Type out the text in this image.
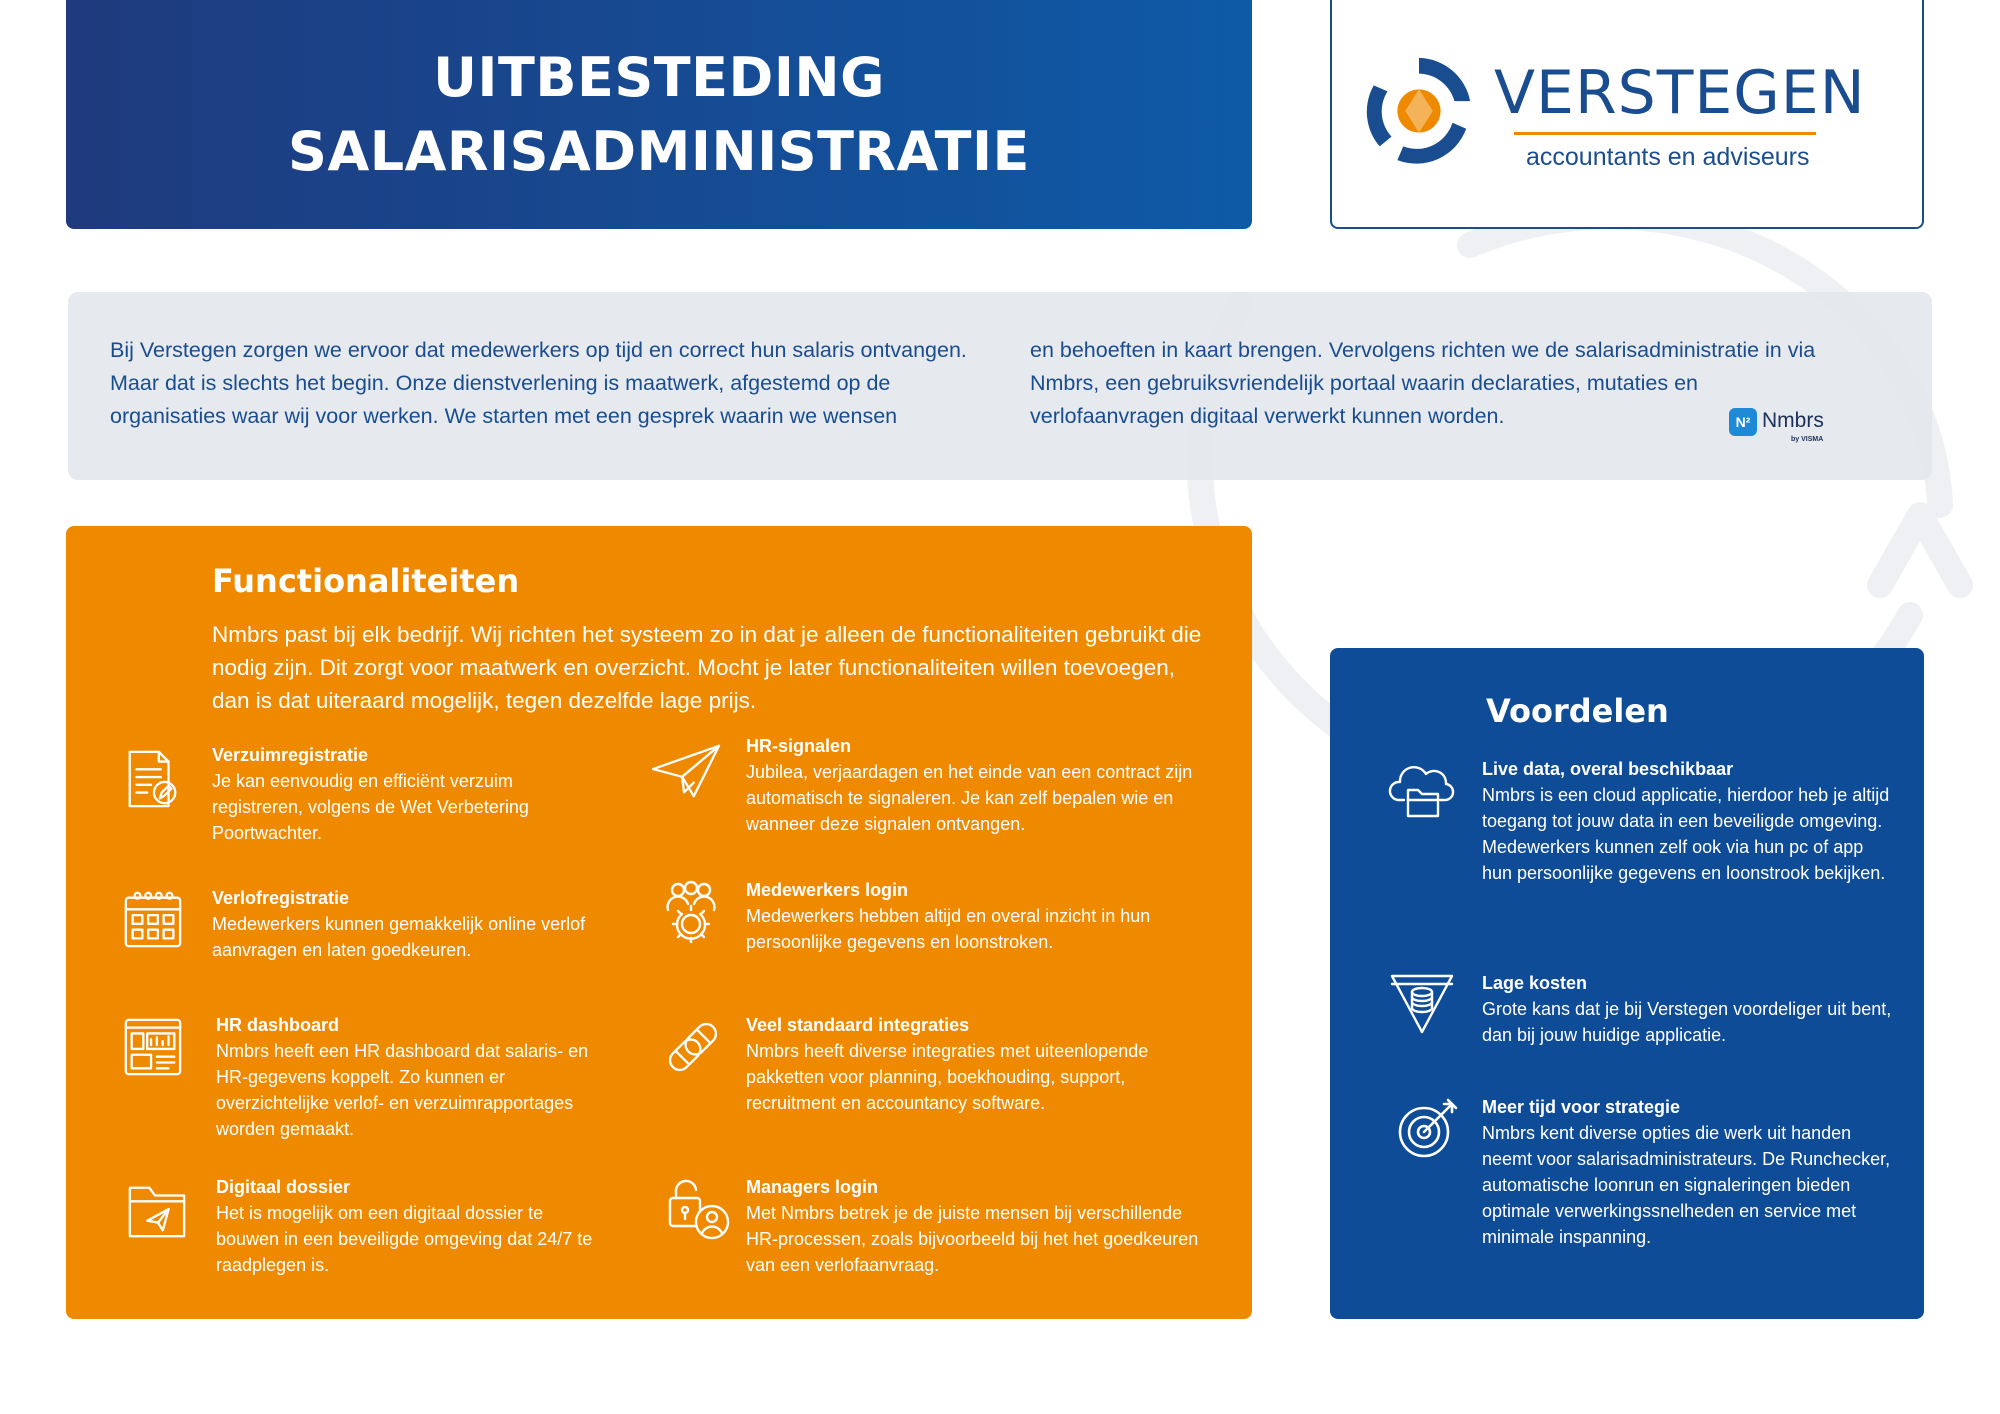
UITBESTEDING
SALARISADMINISTRATIE
VERSTEGEN
accountants en adviseurs

Bij Verstegen zorgen we ervoor dat medewerkers op tijd en correct hun salaris ontvangen. Maar dat is slechts het begin. Onze dienstverlening is maatwerk, afgestemd op de organisaties waar wij voor werken. We starten met een gesprek waarin we wensen

en behoeften in kaart brengen. Vervolgens richten we de salarisadministratie in via Nmbrs, een gebruiksvriendelijk portaal waarin declaraties, mutaties en verlofaanvragen digitaal verwerkt kunnen worden.	N² Nmbrs
by VISMA
Functionaliteiten

Nmbrs past bij elk bedrijf. Wij richten het systeem zo in dat je alleen de functionaliteiten gebruikt die nodig zijn. Dit zorgt voor maatwerk en overzicht. Mocht je later functionaliteiten willen toevoegen, dan is dat uiteraard mogelijk, tegen dezelfde lage prijs.

Verzuimregistratie
Je kan eenvoudig en efficiënt verzuim registreren, volgens de Wet Verbetering Poortwachter.
HR-signalen
Jubilea, verjaardagen en het einde van een contract zijn automatisch te signaleren. Je kan zelf bepalen wie en wanneer deze signalen ontvangen.
Verlofregistratie
Medewerkers kunnen gemakkelijk online verlof aanvragen en laten goedkeuren.
Medewerkers login
Medewerkers hebben altijd en overal inzicht in hun persoonlijke gegevens en loonstroken.
HR dashboard
Nmbrs heeft een HR dashboard dat salaris- en HR-gegevens koppelt. Zo kunnen er overzichtelijke verlof- en verzuimrapportages worden gemaakt.
Veel standaard integraties
Nmbrs heeft diverse integraties met uiteenlopende pakketten voor planning, boekhouding, support, recruitment en accountancy software.
Digitaal dossier
Het is mogelijk om een digitaal dossier te bouwen in een beveiligde omgeving dat 24/7 te raadplegen is.
Managers login
Met Nmbrs betrek je de juiste mensen bij verschillende HR-processen, zoals bijvoorbeeld bij het het goedkeuren van een verlofaanvraag.
Voordelen
Live data, overal beschikbaar
Nmbrs is een cloud applicatie, hierdoor heb je altijd toegang tot jouw data in een beveiligde omgeving. Medewerkers kunnen zelf ook via hun pc of app hun persoonlijke gegevens en loonstrook bekijken.
Lage kosten
Grote kans dat je bij Verstegen voordeliger uit bent, dan bij jouw huidige applicatie.
Meer tijd voor strategie
Nmbrs kent diverse opties die werk uit handen neemt voor salarisadministrateurs. De Runchecker, automatische loonrun en signaleringen bieden optimale verwerkingssnelheden en service met minimale inspanning.
